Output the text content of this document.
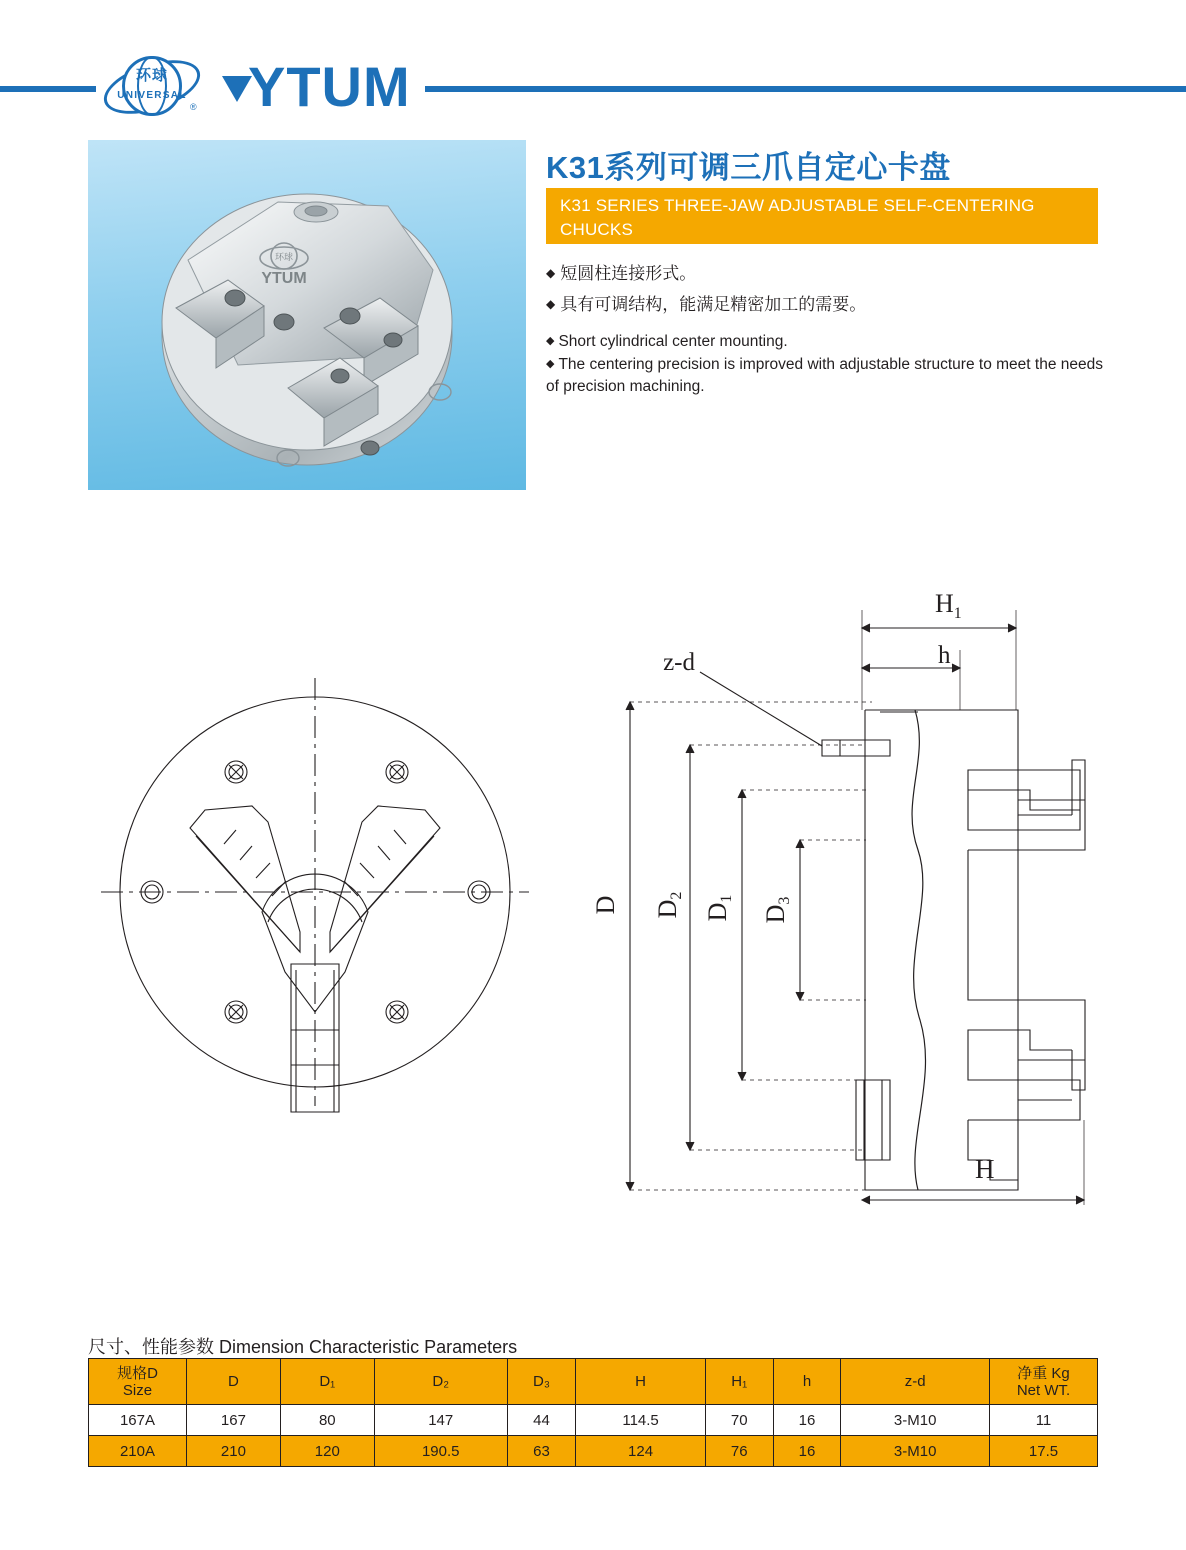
环球
UNIVERSAL
® YTUM
环球
YTUM
K31系列可调三爪自定心卡盘
K31 SERIES THREE-JAW ADJUSTABLE SELF-CENTERING CHUCKS
◆ 短圆柱连接形式。
◆ 具有可调结构，能满足精密加工的需要。
◆ Short cylindrical center mounting.
◆ The centering precision is improved with adjustable structure to meet the needs of precision machining.
$H_1$
h
z-d
D D2
D1
D3
H
尺寸、性能参数 Dimension Characteristic Parameters
规格D
Size	D	D₁	D₂	D₃	H	H₁	h	z-d	净重 Kg
Net WT.

167A	167	80	147	44	114.5	70	16	3-M10	11
210A	210	120	190.5	63	124	76	16	3-M10	17.5
